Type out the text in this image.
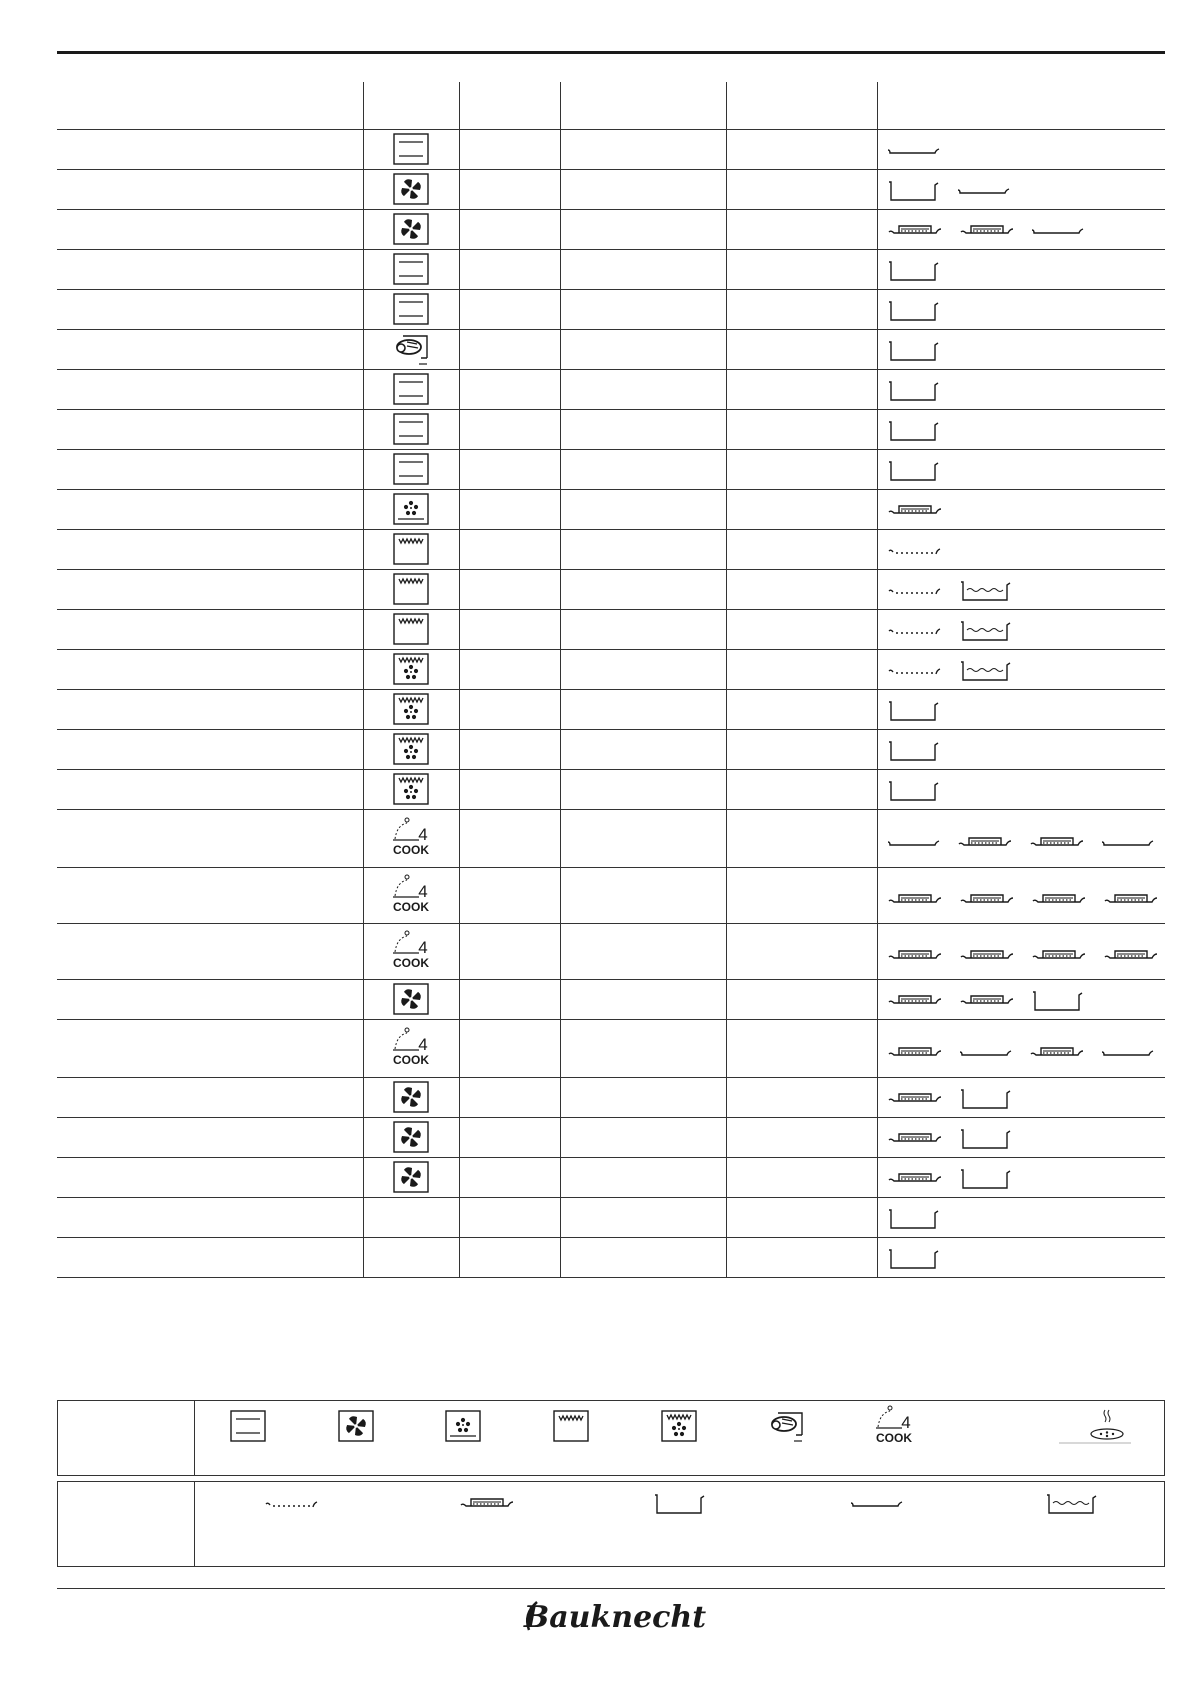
4
COOK
4
COOK
4
COOK
4
COOK
4
COOK
Bauknecht
